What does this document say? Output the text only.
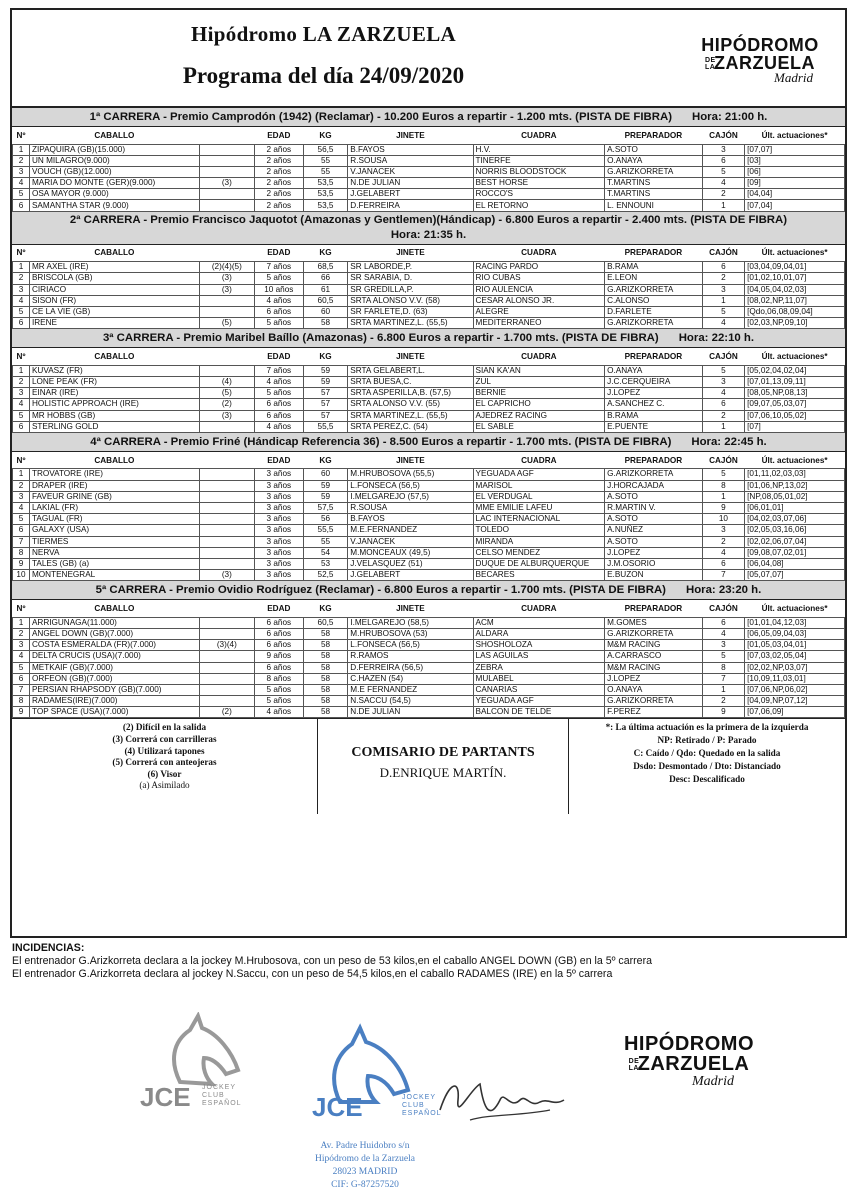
Hipódromo LA ZARZUELA
Programa del día 24/09/2020
HIPÓDROMO
DE LAZARZUELA
Madrid
1ª CARRERA - Premio Camprodón (1942) (Reclamar) - 10.200 Euros a repartir - 1.200 mts. (PISTA DE FIBRA) Hora: 21:00 h.
Nº	CABALLO		EDAD	KG	JINETE	CUADRA	PREPARADOR	CAJÓN	Últ. actuaciones*
1	ZIPAQUIRA (GB)(15.000)		2 años	56,5	B.FAYOS	H.V.	A.SOTO	3	[07,07]
2	UN MILAGRO(9.000)		2 años	55	R.SOUSA	TINERFE	O.ANAYA	6	[03]
3	VOUCH (GB)(12.000)		2 años	55	V.JANACEK	NORRIS BLOODSTOCK	G.ARIZKORRETA	5	[06]
4	MARIA DO MONTE (GER)(9.000)	(3)	2 años	53,5	N.DE JULIAN	BEST HORSE	T.MARTINS	4	[09]
5	OSA MAYOR (9.000)		2 años	53,5	J.GELABERT	ROCCO'S	T.MARTINS	2	[04,04]
6	SAMANTHA STAR (9.000)		2 años	53,5	D.FERREIRA	EL RETORNO	L. ENNOUNI	1	[07,04]
2ª CARRERA - Premio Francisco Jaquotot (Amazonas y Gentlemen)(Hándicap) - 6.800 Euros a repartir - 2.400 mts. (PISTA DE FIBRA)
Hora: 21:35 h.
Nº	CABALLO		EDAD	KG	JINETE	CUADRA	PREPARADOR	CAJÓN	Últ. actuaciones*
1	MR AXEL (IRE)	(2)(4)(5)	7 años	68,5	SR LABORDE,P.	RACING PARDO	B.RAMA	6	[03,04,09,04,01]
2	BRISCOLA (GB)	(3)	5 años	66	SR SARABIA, D.	RIO CUBAS	E.LEON	2	[01,02,10,01,07]
3	CIRIACO	(3)	10 años	61	SR GREDILLA,P.	RIO AULENCIA	G.ARIZKORRETA	3	[04,05,04,02,03]
4	SISON (FR)		4 años	60,5	SRTA ALONSO V.V. (58)	CESAR ALONSO JR.	C.ALONSO	1	[08,02,NP,11,07]
5	CE LA VIE (GB)		6 años	60	SR FARLETE,D. (63)	ALEGRE	D.FARLETE	5	[Qdo,06,08,09,04]
6	IRENE	(5)	5 años	58	SRTA MARTINEZ,L. (55,5)	MEDITERRANEO	G.ARIZKORRETA	4	[02,03,NP,09,10]
3ª CARRERA - Premio Maribel Baíllo (Amazonas) - 6.800 Euros a repartir - 1.700 mts. (PISTA DE FIBRA) Hora: 22:10 h.
Nº	CABALLO		EDAD	KG	JINETE	CUADRA	PREPARADOR	CAJÓN	Últ. actuaciones*
1	KUVASZ (FR)		7 años	59	SRTA GELABERT,L.	SIAN KA'AN	O.ANAYA	5	[05,02,04,02,04]
2	LONE PEAK (FR)	(4)	4 años	59	SRTA BUESA,C.	ZUL	J.C.CERQUEIRA	3	[07,01,13,09,11]
3	EINAR (IRE)	(5)	5 años	57	SRTA ASPERILLA,B. (57,5)	BERNIE	J.LOPEZ	4	[08,05,NP,08,13]
4	HOLISTIC APPROACH (IRE)	(2)	6 años	57	SRTA ALONSO V.V. (55)	EL CAPRICHO	A.SANCHEZ C.	6	[09,07,05,03,07]
5	MR HOBBS (GB)	(3)	6 años	57	SRTA MARTINEZ,L. (55,5)	AJEDREZ RACING	B.RAMA	2	[07,06,10,05,02]
6	STERLING GOLD		4 años	55,5	SRTA PEREZ,C. (54)	EL SABLE	E.PUENTE	1	[07]
4ª CARRERA - Premio Friné (Hándicap Referencia 36) - 8.500 Euros a repartir - 1.700 mts. (PISTA DE FIBRA) Hora: 22:45 h.
Nº	CABALLO		EDAD	KG	JINETE	CUADRA	PREPARADOR	CAJÓN	Últ. actuaciones*
1	TROVATORE (IRE)		3 años	60	M.HRUBOSOVA (55,5)	YEGUADA AGF	G.ARIZKORRETA	5	[01,11,02,03,03]
2	DRAPER (IRE)		3 años	59	L.FONSECA (56,5)	MARISOL	J.HORCAJADA	8	[01,06,NP,13,02]
3	FAVEUR GRINE (GB)		3 años	59	I.MELGAREJO (57,5)	EL VERDUGAL	A.SOTO	1	[NP,08,05,01,02]
4	LAKIAL (FR)		3 años	57,5	R.SOUSA	MME EMILIE LAFEU	R.MARTIN V.	9	[06,01,01]
5	TAGUAL (FR)		3 años	56	B.FAYOS	LAC INTERNACIONAL	A.SOTO	10	[04,02,03,07,06]
6	GALAXY (USA)		3 años	55,5	M.E.FERNANDEZ	TOLEDO	A.NUÑEZ	3	[02,05,03,16,06]
7	TIERMES		3 años	55	V.JANACEK	MIRANDA	A.SOTO	2	[02,02,06,07,04]
8	NERVA		3 años	54	M.MONCEAUX (49,5)	CELSO MENDEZ	J.LOPEZ	4	[09,08,07,02,01]
9	TALES (GB) (a)		3 años	53	J.VELASQUEZ (51)	DUQUE DE ALBURQUERQUE	J.M.OSORIO	6	[06,04,08]
10	MONTENEGRAL	(3)	3 años	52,5	J.GELABERT	BECARES	E.BUZON	7	[05,07,07]
5ª CARRERA - Premio Ovidio Rodríguez (Reclamar) - 6.800 Euros a repartir - 1.700 mts. (PISTA DE FIBRA) Hora: 23:20 h.
Nº	CABALLO		EDAD	KG	JINETE	CUADRA	PREPARADOR	CAJÓN	Últ. actuaciones*
1	ARRIGUNAGA(11.000)		6 años	60,5	I.MELGAREJO (58,5)	ACM	M.GOMES	6	[01,01,04,12,03]
2	ANGEL DOWN (GB)(7.000)		6 años	58	M.HRUBOSOVA (53)	ALDARA	G.ARIZKORRETA	4	[06,05,09,04,03]
3	COSTA ESMERALDA (FR)(7.000)	(3)(4)	6 años	58	L.FONSECA (56,5)	SHOSHOLOZA	M&M RACING	3	[01,05,03,04,01]
4	DELTA CRUCIS (USA)(7.000)		9 años	58	R.RAMOS	LAS AGUILAS	A.CARRASCO	5	[07,03,02,05,04]
5	METKAIF (GB)(7.000)		6 años	58	D.FERREIRA (56,5)	ZEBRA	M&M RACING	8	[02,02,NP,03,07]
6	ORFEON (GB)(7.000)		8 años	58	C.HAZEN (54)	MULABEL	J.LOPEZ	7	[10,09,11,03,01]
7	PERSIAN RHAPSODY (GB)(7.000)		5 años	58	M.E FERNANDEZ	CANARIAS	O.ANAYA	1	[07,06,NP,06,02]
8	RADAMES(IRE)(7.000)		5 años	58	N.SACCU (54,5)	YEGUADA AGF	G.ARIZKORRETA	2	[04,09,NP,07,12]
9	TOP SPACE (USA)(7.000)	(2)	4 años	58	N.DE JULIAN	BALCON DE TELDE	F.PEREZ	9	[07,06,09]
(2) Difícil en la salida
(3) Correrá con carrilleras
(4) Utilizará tapones
(5) Correrá con anteojeras
(6) Visor
(a) Asimilado
COMISARIO DE PARTANTS
D.ENRIQUE MARTÍN.
*: La última actuación es la primera de la izquierda
NP: Retirado / P: Parado
C: Caído / Qdo: Quedado en la salida
Dsdo: Desmontado / Dto: Distanciado
Desc: Descalificado
INCIDENCIAS:
El entrenador G.Arizkorreta declara a la jockey M.Hrubosova, con un peso de 53 kilos,en el caballo ANGEL DOWN (GB) en la 5º carrera
El entrenador G.Arizkorreta declara al jockey N.Saccu, con un peso de 54,5 kilos,en el caballo RADAMES (IRE) en la 5º carrera
JCE JOCKEY CLUB ESPAÑOL	JCE	JOCKEY CLUB ESPAÑOL
Av. Padre Huidobro s/n
Hipódromo de la Zarzuela
28023 MADRID
CIF: G-87257520
HIPÓDROMO
DE LAZARZUELA
Madrid
